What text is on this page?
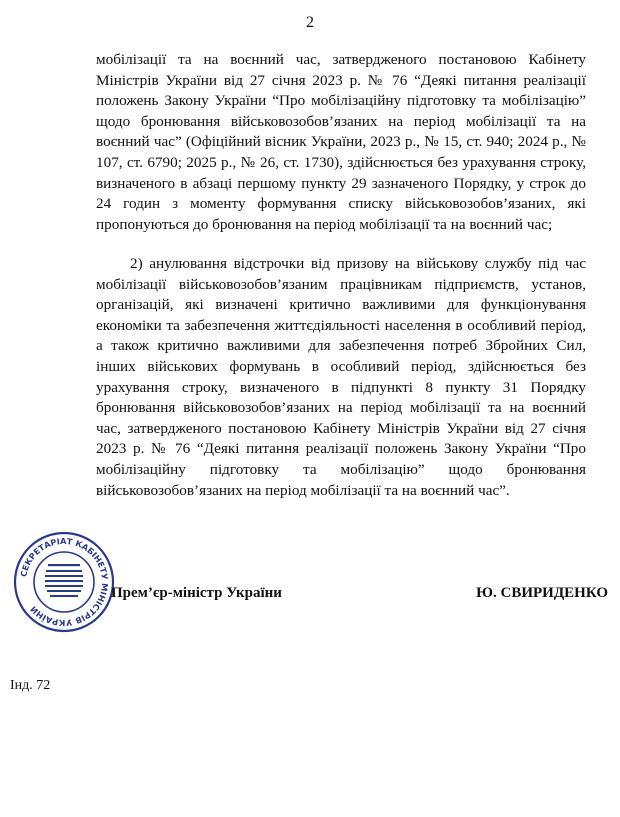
2
мобілізації та на воєнний час, затвердженого постановою Кабінету Міністрів України від 27 січня 2023 р. № 76 “Деякі питання реалізації положень Закону України “Про мобілізаційну підготовку та мобілізацію” щодо бронювання військовозобов’язаних на період мобілізації та на воєнний час” (Офіційний вісник України, 2023 р., № 15, ст. 940; 2024 р., № 107, ст. 6790; 2025 р., № 26, ст. 1730), здійснюється без урахування строку, визначеного в абзаці першому пункту 29 зазначеного Порядку, у строк до 24 годин з моменту формування списку військовозобов’язаних, які пропонуються до бронювання на період мобілізації та на воєнний час;
2) анулювання відстрочки від призову на військову службу під час мобілізації військовозобов’язаним працівникам підприємств, установ, організацій, які визначені критично важливими для функціонування економіки та забезпечення життєдіяльності населення в особливий період, а також критично важливими для забезпечення потреб Збройних Сил, інших військових формувань в особливий період, здійснюється без урахування строку, визначеного в підпункті 8 пункту 31 Порядку бронювання військовозобов’язаних на період мобілізації та на воєнний час, затвердженого постановою Кабінету Міністрів України від 27 січня 2023 р. № 76 “Деякі питання реалізації положень Закону України “Про мобілізаційну підготовку та мобілізацію” щодо бронювання військовозобов’язаних на період мобілізації та на воєнний час”.
СЕКРЕТАРІАТ КАБІНЕТУ МІНІСТРІВ УКРАЇНИ
Прем’єр-міністр України	Ю. СВИРИДЕНКО
Інд. 72
